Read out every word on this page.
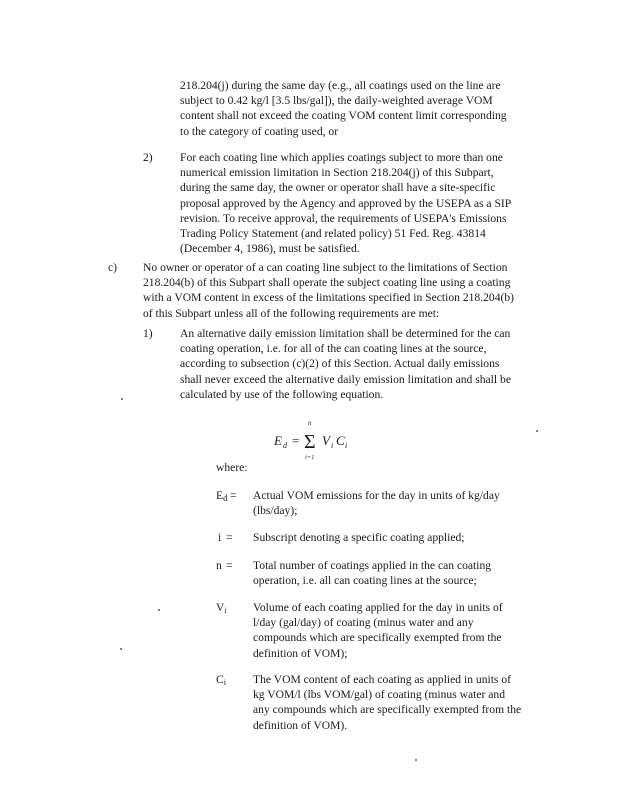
218.204(j) during the same day (e.g., all coatings used on the line are subject to 0.42 kg/l [3.5 lbs/gal]), the daily-weighted average VOM content shall not exceed the coating VOM content limit corresponding to the category of coating used, or
2) For each coating line which applies coatings subject to more than one numerical emission limitation in Section 218.204(j) of this Subpart, during the same day, the owner or operator shall have a site-specific proposal approved by the Agency and approved by the USEPA as a SIP revision. To receive approval, the requirements of USEPA's Emissions Trading Policy Statement (and related policy) 51 Fed. Reg. 43814 (December 4, 1986), must be satisfied.
c) No owner or operator of a can coating line subject to the limitations of Section 218.204(b) of this Subpart shall operate the subject coating line using a coating with a VOM content in excess of the limitations specified in Section 218.204(b) of this Subpart unless all of the following requirements are met:
1) An alternative daily emission limitation shall be determined for the can coating operation, i.e. for all of the can coating lines at the source, according to subsection (c)(2) of this Section. Actual daily emissions shall never exceed the alternative daily emission limitation and shall be calculated by use of the following equation.
E d =
n
Σ
i=1
V i C i
where:
Ed = Actual VOM emissions for the day in units of kg/day (lbs/day);
i = Subscript denoting a specific coating applied;
n = Total number of coatings applied in the can coating operation, i.e. all can coating lines at the source;
Vi Volume of each coating applied for the day in units of l/day (gal/day) of coating (minus water and any compounds which are specifically exempted from the definition of VOM);
Ci The VOM content of each coating as applied in units of kg VOM/l (lbs VOM/gal) of coating (minus water and any compounds which are specifically exempted from the definition of VOM).
